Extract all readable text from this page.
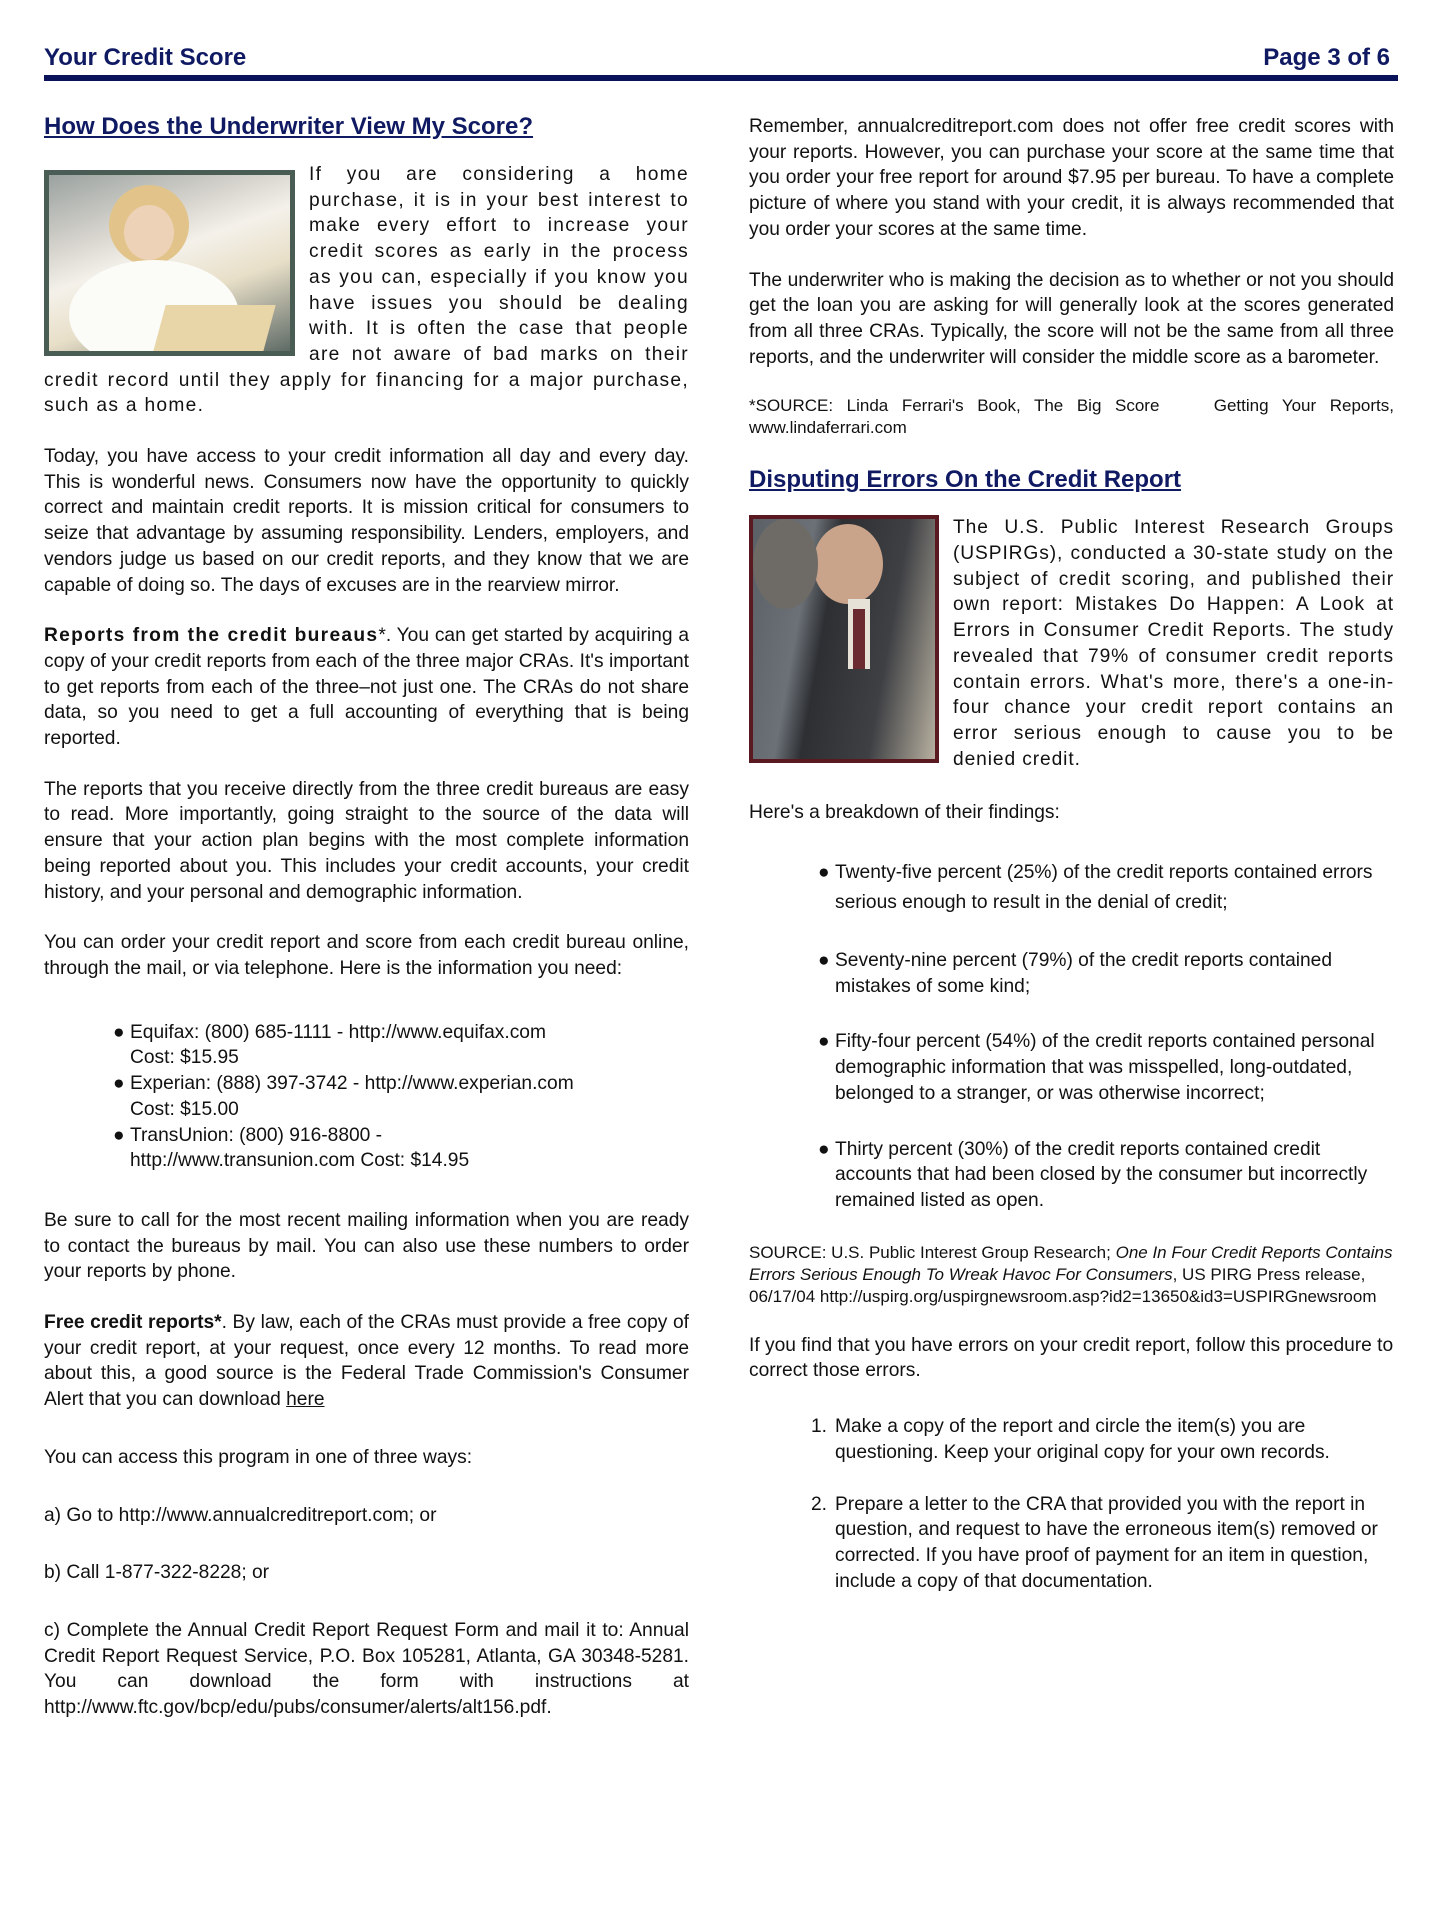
Your Credit Score	Page 3 of 6
How Does the Underwriter View My Score?

If you are considering a home purchase, it is in your best interest to make every effort to increase your credit scores as early in the process as you can, especially if you know you have issues you should be dealing with. It is often the case that people are not aware of bad marks on their credit record until they apply for financing for a major purchase, such as a home.

Today, you have access to your credit information all day and every day. This is wonderful news. Consumers now have the opportunity to quickly correct and maintain credit reports. It is mission critical for consumers to seize that advantage by assuming responsibility. Lenders, employers, and vendors judge us based on our credit reports, and they know that we are capable of doing so. The days of excuses are in the rearview mirror.

Reports from the credit bureaus*. You can get started by acquiring a copy of your credit reports from each of the three major CRAs. It's important to get reports from each of the three–not just one. The CRAs do not share data, so you need to get a full accounting of everything that is being reported.

The reports that you receive directly from the three credit bureaus are easy to read. More importantly, going straight to the source of the data will ensure that your action plan begins with the most complete information being reported about you. This includes your credit accounts, your credit history, and your personal and demographic information.

You can order your credit report and score from each credit bureau online, through the mail, or via telephone. Here is the information you need:

● Equifax: (800) 685-1111 - http://www.equifax.com Cost: $15.95
● Experian: (888) 397-3742 - http://www.experian.com Cost: $15.00
● TransUnion: (800) 916-8800 - http://www.transunion.com Cost: $14.95

Be sure to call for the most recent mailing information when you are ready to contact the bureaus by mail. You can also use these numbers to order your reports by phone.

Free credit reports*. By law, each of the CRAs must provide a free copy of your credit report, at your request, once every 12 months. To read more about this, a good source is the Federal Trade Commission's Consumer Alert that you can download here

You can access this program in one of three ways:

a) Go to http://www.annualcreditreport.com; or

b) Call 1-877-322-8228; or

c) Complete the Annual Credit Report Request Form and mail it to: Annual Credit Report Request Service, P.O. Box 105281, Atlanta, GA 30348-5281. You can download the form with instructions at http://www.ftc.gov/bcp/edu/pubs/consumer/alerts/alt156.pdf.

Remember, annualcreditreport.com does not offer free credit scores with your reports. However, you can purchase your score at the same time that you order your free report for around $7.95 per bureau. To have a complete picture of where you stand with your credit, it is always recommended that you order your scores at the same time.

The underwriter who is making the decision as to whether or not you should get the loan you are asking for will generally look at the scores generated from all three CRAs. Typically, the score will not be the same from all three reports, and the underwriter will consider the middle score as a barometer.

*SOURCE: Linda Ferrari's Book, The Big Score    Getting Your Reports, www.lindaferrari.com

Disputing Errors On the Credit Report

The U.S. Public Interest Research Groups (USPIRGs), conducted a 30-state study on the subject of credit scoring, and published their own report: Mistakes Do Happen: A Look at Errors in Consumer Credit Reports. The study revealed that 79% of consumer credit reports contain errors. What's more, there's a one-in-four chance your credit report contains an error serious enough to cause you to be denied credit.

Here's a breakdown of their findings:

● Twenty-five percent (25%) of the credit reports contained errors serious enough to result in the denial of credit;
● Seventy-nine percent (79%) of the credit reports contained mistakes of some kind;
● Fifty-four percent (54%) of the credit reports contained personal demographic information that was misspelled, long-outdated, belonged to a stranger, or was otherwise incorrect;
● Thirty percent (30%) of the credit reports contained credit accounts that had been closed by the consumer but incorrectly remained listed as open.

SOURCE: U.S. Public Interest Group Research; One In Four Credit Reports Contains Errors Serious Enough To Wreak Havoc For Consumers, US PIRG Press release, 06/17/04 http://uspirg.org/uspirgnewsroom.asp?id2=13650&id3=USPIRGnewsroom

If you find that you have errors on your credit report, follow this procedure to correct those errors.

1. Make a copy of the report and circle the item(s) you are questioning. Keep your original copy for your own records.
2. Prepare a letter to the CRA that provided you with the report in question, and request to have the erroneous item(s) removed or corrected. If you have proof of payment for an item in question, include a copy of that documentation.
